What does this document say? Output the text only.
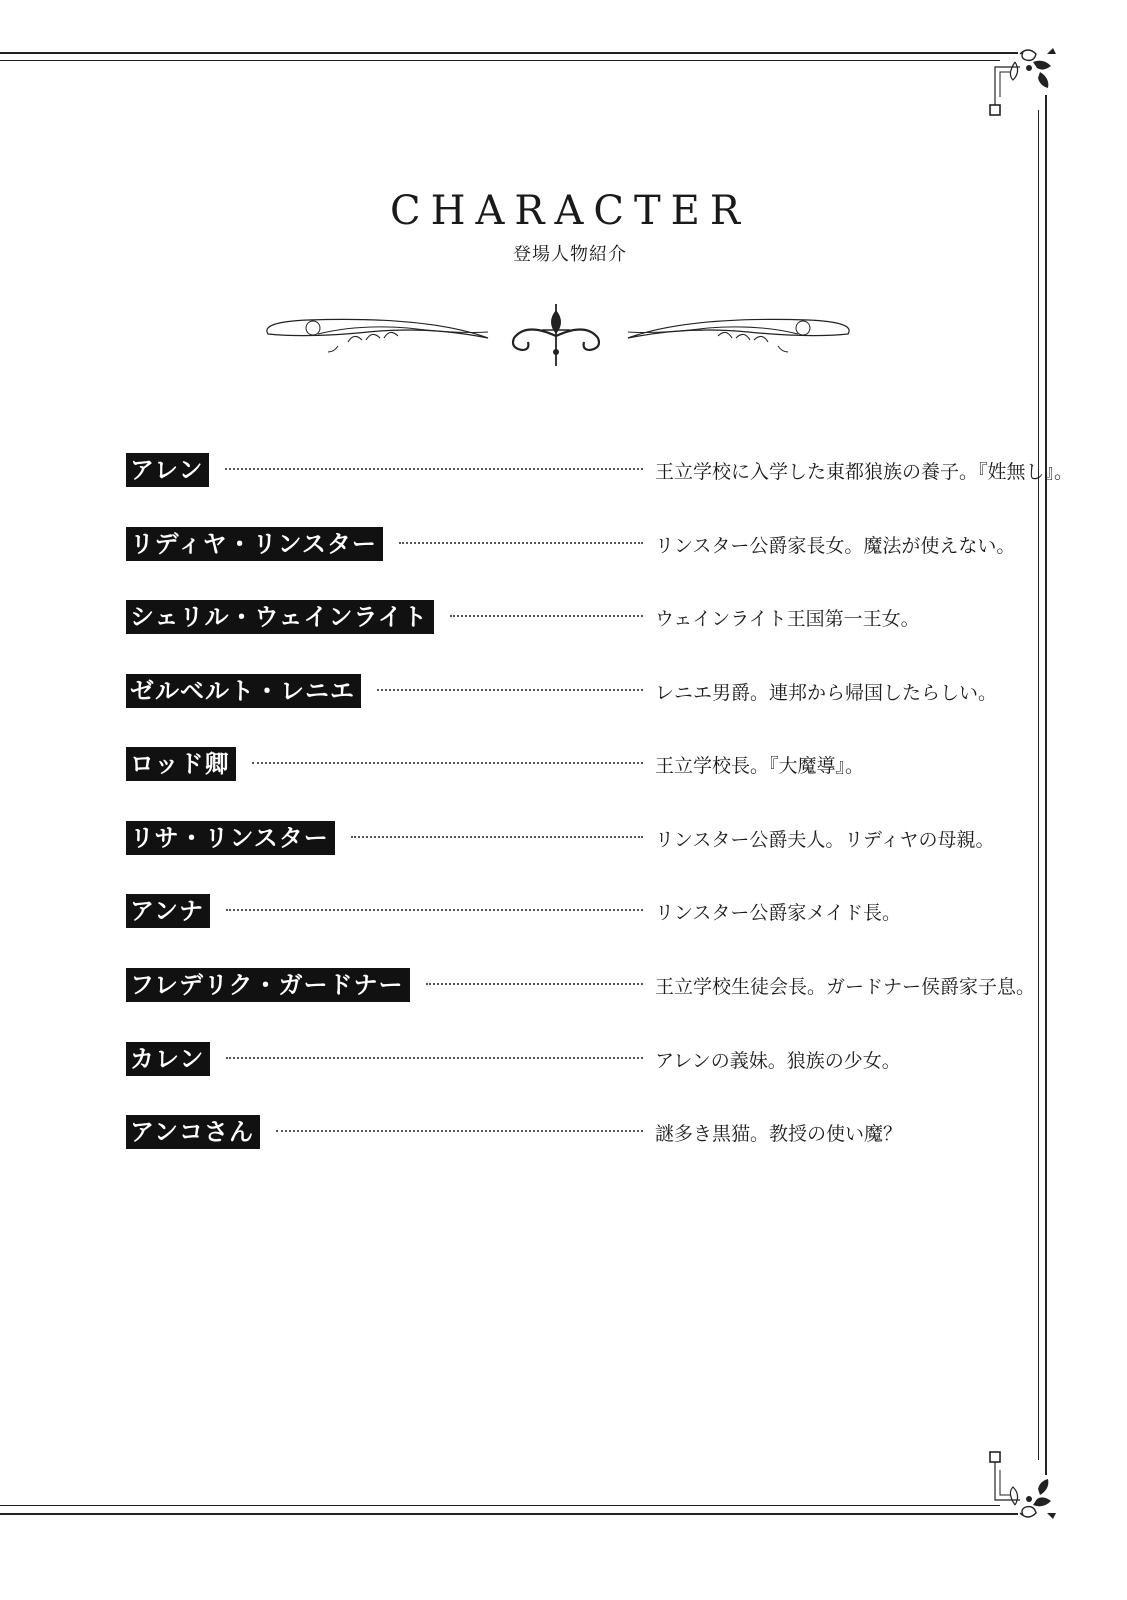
CHARACTER
登場人物紹介
アレン	王立学校に入学した東都狼族の養子。『姓無し』。
リディヤ・リンスター	リンスター公爵家長女。魔法が使えない。
シェリル・ウェインライト	ウェインライト王国第一王女。
ゼルベルト・レニエ	レニエ男爵。連邦から帰国したらしい。
ロッド卿	王立学校長。『大魔導』。
リサ・リンスター	リンスター公爵夫人。リディヤの母親。
アンナ	リンスター公爵家メイド長。
フレデリク・ガードナー	王立学校生徒会長。ガードナー侯爵家子息。
カレン	アレンの義妹。狼族の少女。
アンコさん	謎多き黒猫。教授の使い魔？
